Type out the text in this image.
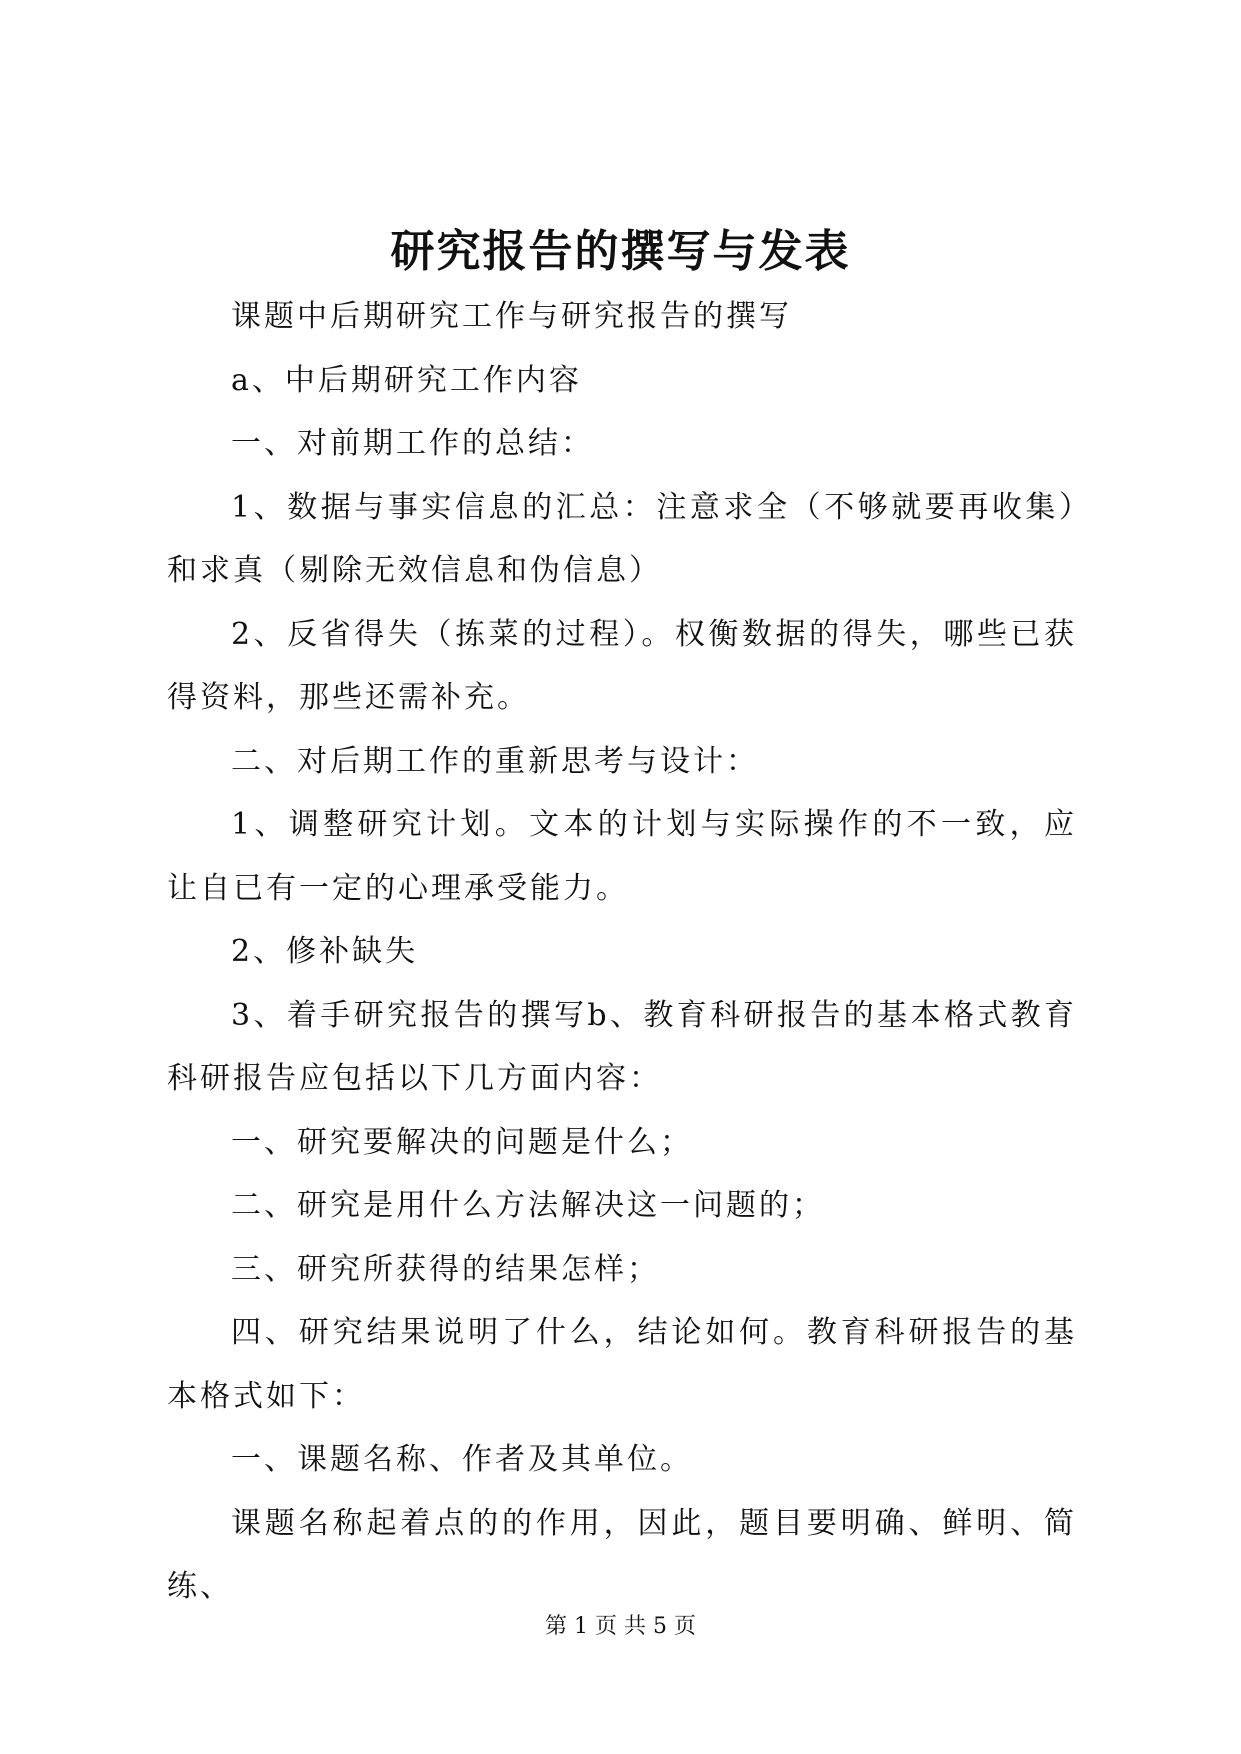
研究报告的撰写与发表

课题中后期研究工作与研究报告的撰写

a、中后期研究工作内容

一、对前期工作的总结：

1、数据与事实信息的汇总：注意求全（不够就要再收集）和求真（剔除无效信息和伪信息）

2、反省得失（拣菜的过程）。权衡数据的得失，哪些已获得资料，那些还需补充。

二、对后期工作的重新思考与设计：

1、调整研究计划。文本的计划与实际操作的不一致，应让自已有一定的心理承受能力。

2、修补缺失

3、着手研究报告的撰写b、教育科研报告的基本格式教育科研报告应包括以下几方面内容：

一、研究要解决的问题是什么；

二、研究是用什么方法解决这一问题的；

三、研究所获得的结果怎样；

四、研究结果说明了什么，结论如何。教育科研报告的基本格式如下：

一、课题名称、作者及其单位。

课题名称起着点的的作用，因此，题目要明确、鲜明、简练、

第 1 页 共 5 页
